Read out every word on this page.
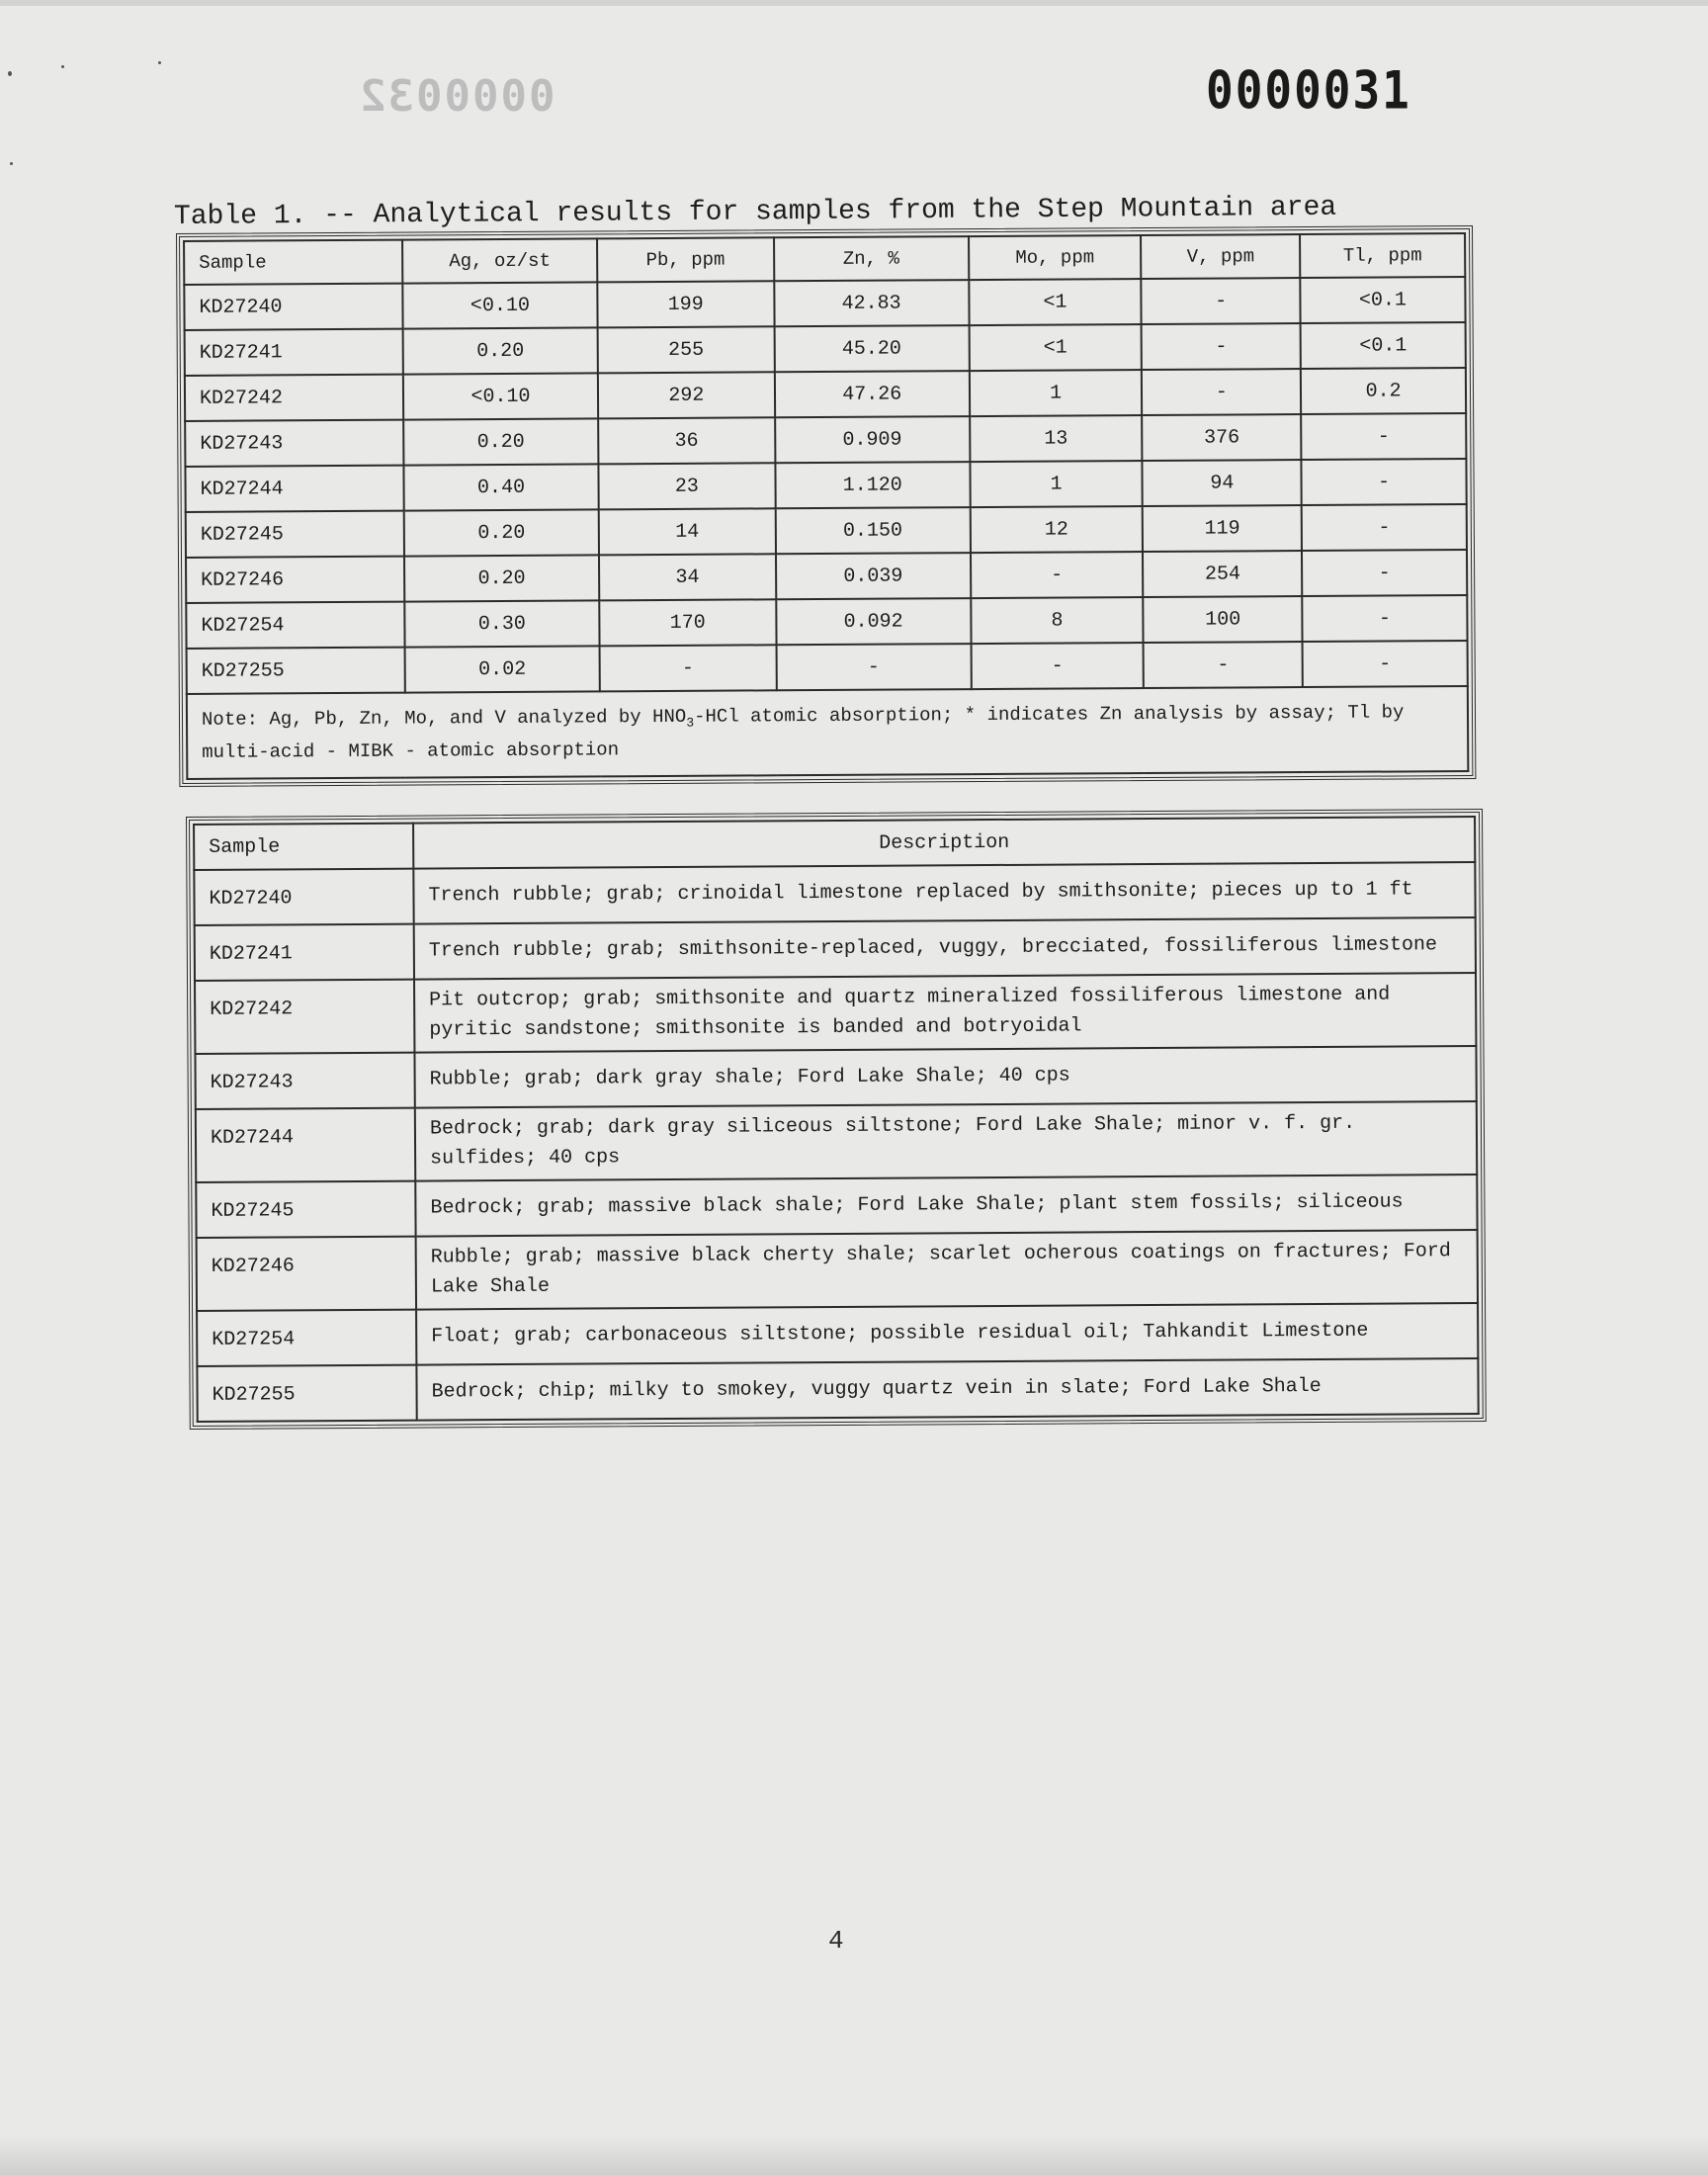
0000032	0000031
Table 1. -- Analytical results for samples from the Step Mountain area
Sample	Ag, oz/st	Pb, ppm	Zn, %	Mo, ppm	V, ppm	Tl, ppm
KD27240	<0.10	199	42.83	<1	-	<0.1
KD27241	0.20	255	45.20	<1	-	<0.1
KD27242	<0.10	292	47.26	1	-	0.2
KD27243	0.20	36	0.909	13	376	-
KD27244	0.40	23	1.120	1	94	-
KD27245	0.20	14	0.150	12	119	-
KD27246	0.20	34	0.039	-	254	-
KD27254	0.30	170	0.092	8	100	-
KD27255	0.02	-	-	-	-	-
Note: Ag, Pb, Zn, Mo, and V analyzed by $HNO_3$-HCl atomic absorption; * indicates Zn analysis by assay; Tl by multi-acid - MIBK - atomic absorption						
Sample	Description
KD27240	Trench rubble; grab; crinoidal limestone replaced by smithsonite; pieces up to 1 ft
KD27241	Trench rubble; grab; smithsonite-replaced, vuggy, brecciated, fossiliferous limestone
KD27242	Pit outcrop; grab; smithsonite and quartz mineralized fossiliferous limestone and pyritic sandstone; smithsonite is banded and botryoidal
KD27243	Rubble; grab; dark gray shale; Ford Lake Shale; 40 cps
KD27244	Bedrock; grab; dark gray siliceous siltstone; Ford Lake Shale; minor v. f. gr. sulfides; 40 cps
KD27245	Bedrock; grab; massive black shale; Ford Lake Shale; plant stem fossils; siliceous
KD27246	Rubble; grab; massive black cherty shale; scarlet ocherous coatings on fractures; Ford Lake Shale
KD27254	Float; grab; carbonaceous siltstone; possible residual oil; Tahkandit Limestone
KD27255	Bedrock; chip; milky to smokey, vuggy quartz vein in slate; Ford Lake Shale
4
